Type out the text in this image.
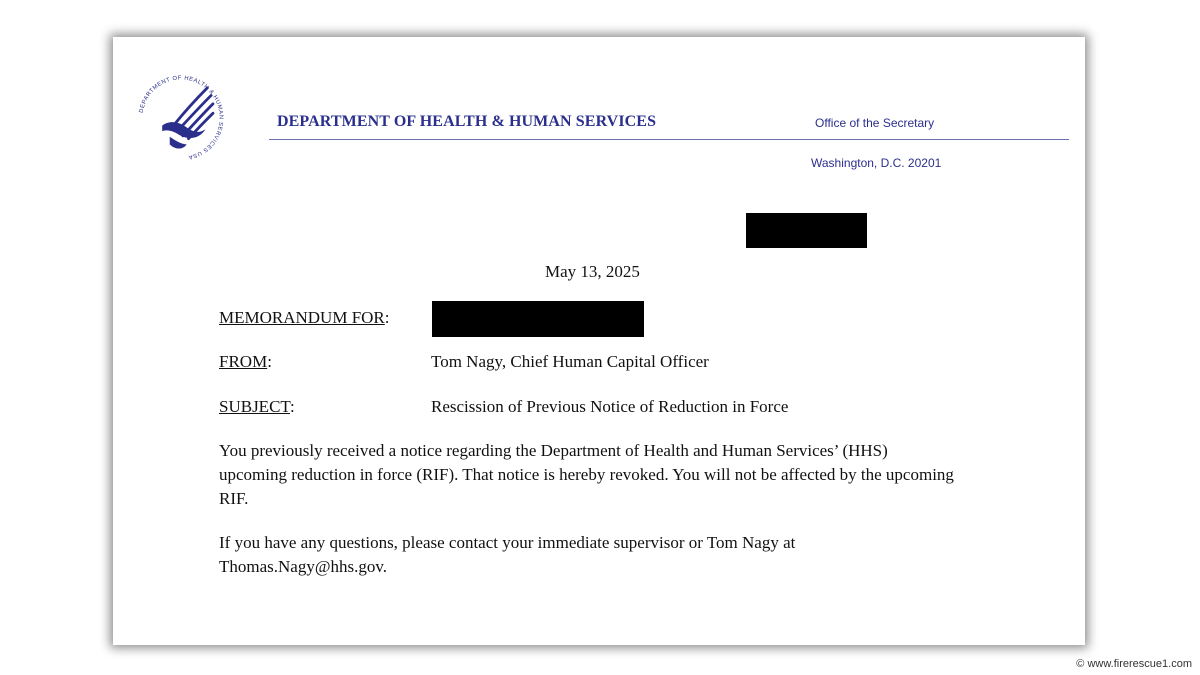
DEPARTMENT OF HEALTH & HUMAN SERVICES USA
DEPARTMENT OF HEALTH & HUMAN SERVICES	Office of the Secretary
Washington, D.C. 20201
May 13, 2025
MEMORANDUM FOR:
FROM:	Tom Nagy, Chief Human Capital Officer
SUBJECT:	Rescission of Previous Notice of Reduction in Force
You previously received a notice regarding the Department of Health and Human Services’ (HHS) upcoming reduction in force (RIF). That notice is hereby revoked. You will not be affected by the upcoming RIF.
If you have any questions, please contact your immediate supervisor or Tom Nagy at Thomas.Nagy@hhs.gov.
© www.firerescue1.com
